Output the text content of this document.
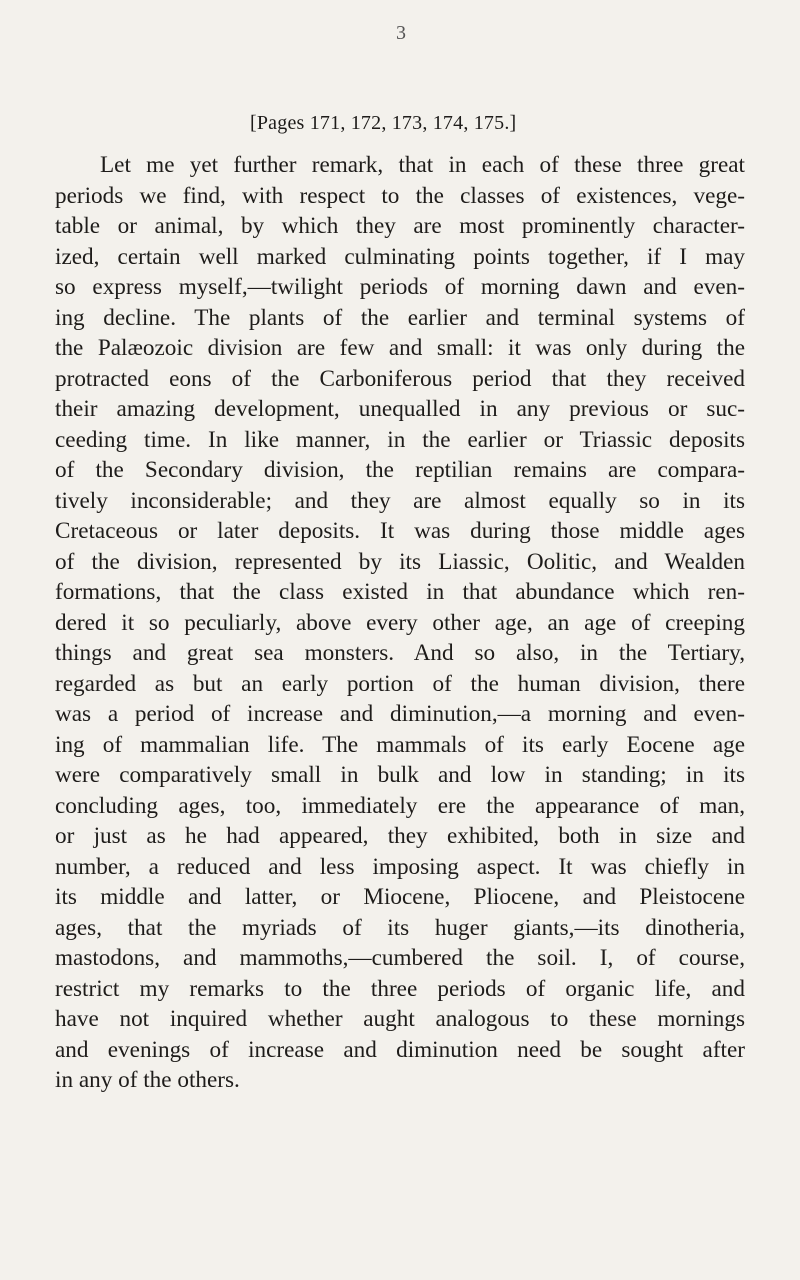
3
[Pages 171, 172, 173, 174, 175.]
Let me yet further remark, that in each of these three great
periods we find, with respect to the classes of existences, vege-
table or animal, by which they are most prominently character-
ized, certain well marked culminating points together, if I may
so express myself,—twilight periods of morning dawn and even-
ing decline. The plants of the earlier and terminal systems of
the Palæozoic division are few and small: it was only during the
protracted eons of the Carboniferous period that they received
their amazing development, unequalled in any previous or suc-
ceeding time. In like manner, in the earlier or Triassic deposits
of the Secondary division, the reptilian remains are compara-
tively inconsiderable; and they are almost equally so in its
Cretaceous or later deposits. It was during those middle ages
of the division, represented by its Liassic, Oolitic, and Wealden
formations, that the class existed in that abundance which ren-
dered it so peculiarly, above every other age, an age of creeping
things and great sea monsters. And so also, in the Tertiary,
regarded as but an early portion of the human division, there
was a period of increase and diminution,—a morning and even-
ing of mammalian life. The mammals of its early Eocene age
were comparatively small in bulk and low in standing; in its
concluding ages, too, immediately ere the appearance of man,
or just as he had appeared, they exhibited, both in size and
number, a reduced and less imposing aspect. It was chiefly in
its middle and latter, or Miocene, Pliocene, and Pleistocene
ages, that the myriads of its huger giants,—its dinotheria,
mastodons, and mammoths,—cumbered the soil. I, of course,
restrict my remarks to the three periods of organic life, and
have not inquired whether aught analogous to these mornings
and evenings of increase and diminution need be sought after
in any of the others.
